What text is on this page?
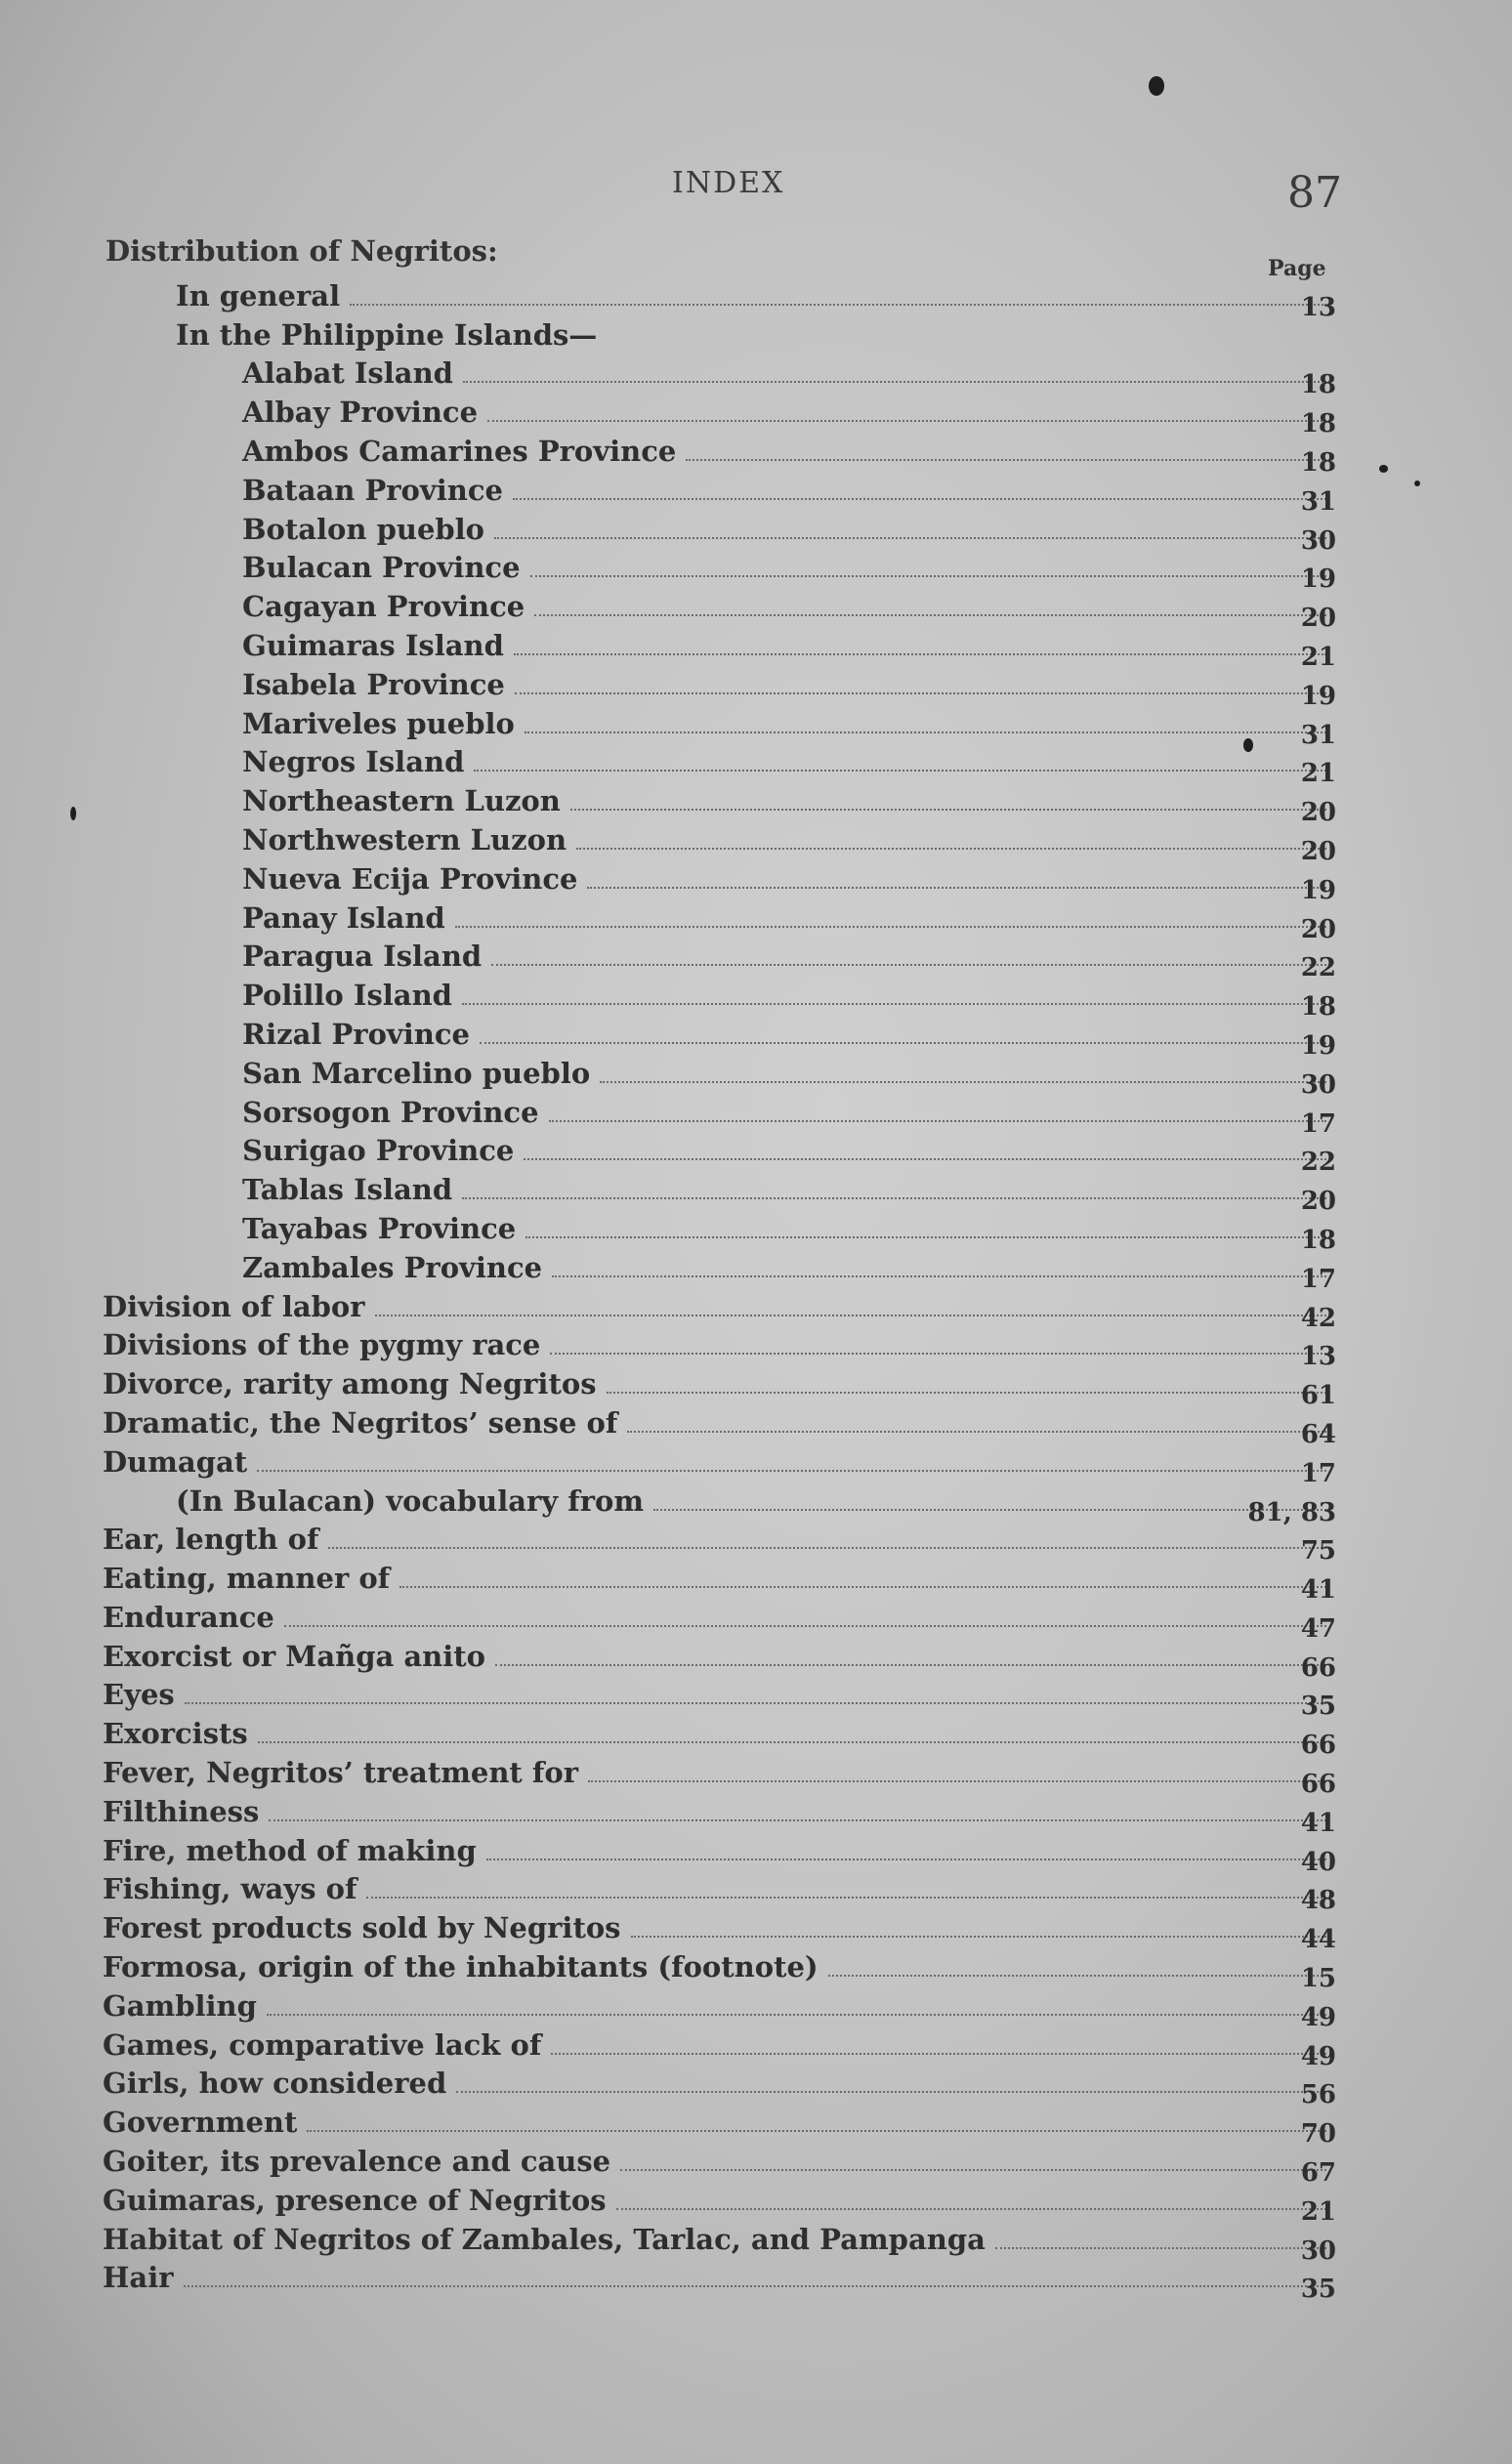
INDEX	87
Distribution of Negritos:
Page
In general	13
In the Philippine Islands—
Alabat Island	18
Albay Province	18
Ambos Camarines Province	18
Bataan Province	31
Botalon pueblo	30
Bulacan Province	19
Cagayan Province	20
Guimaras Island	21
Isabela Province	19
Mariveles pueblo	31
Negros Island	21
Northeastern Luzon	20
Northwestern Luzon	20
Nueva Ecija Province	19
Panay Island	20
Paragua Island	22
Polillo Island	18
Rizal Province	19
San Marcelino pueblo	30
Sorsogon Province	17
Surigao Province	22
Tablas Island	20
Tayabas Province	18
Zambales Province	17
Division of labor	42
Divisions of the pygmy race	13
Divorce, rarity among Negritos	61
Dramatic, the Negritos’ sense of	64
Dumagat	17
(In Bulacan) vocabulary from	81, 83
Ear, length of	75
Eating, manner of	41
Endurance	47
Exorcist or Mañga anito	66
Eyes	35
Exorcists	66
Fever, Negritos’ treatment for	66
Filthiness	41
Fire, method of making	40
Fishing, ways of	48
Forest products sold by Negritos	44
Formosa, origin of the inhabitants (footnote)	15
Gambling	49
Games, comparative lack of	49
Girls, how considered	56
Government	70
Goiter, its prevalence and cause	67
Guimaras, presence of Negritos	21
Habitat of Negritos of Zambales, Tarlac, and Pampanga	30
Hair	35
